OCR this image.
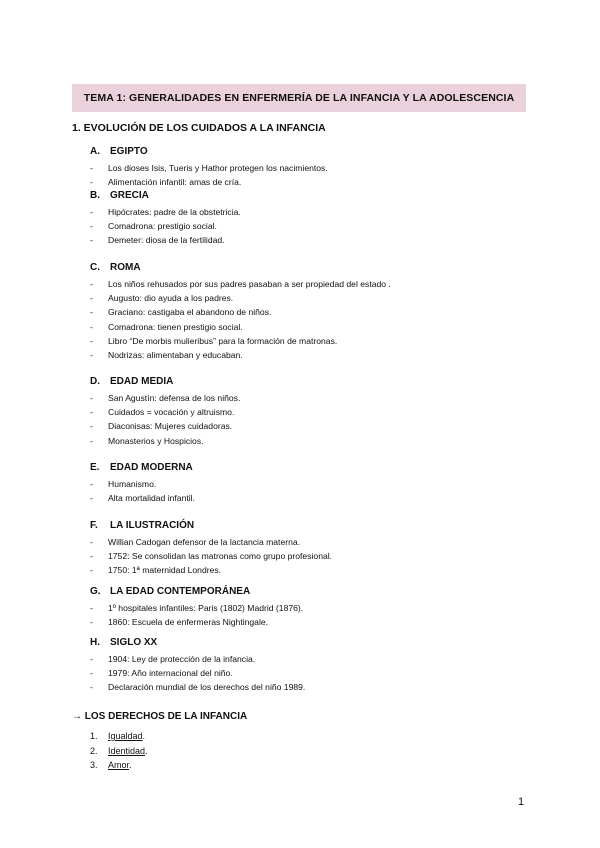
TEMA 1: GENERALIDADES EN ENFERMERÍA DE LA INFANCIA Y LA ADOLESCENCIA
1. EVOLUCIÓN DE LOS CUIDADOS A LA INFANCIA
A. EGIPTO
- Los dioses Isis, Tueris y Hathor protegen los nacimientos.
- Alimentación infantil: amas de cría.
B. GRECIA
- Hipócrates: padre de la obstetricia.
- Comadrona: prestigio social.
- Demeter: diosa de la fertilidad.
C. ROMA
- Los niños rehusados por sus padres pasaban a ser propiedad del estado .
- Augusto: dio ayuda a los padres.
- Graciano: castigaba el abandono de niños.
- Comadrona: tienen prestigio social.
- Libro “De morbis mulieribus” para la formación de matronas.
- Nodrizas: alimentaban y educaban.
D. EDAD MEDIA
- San Agustín: defensa de los niños.
- Cuidados = vocación y altruismo.
- Diaconisas: Mujeres cuidadoras.
- Monasterios y Hospicios.
E. EDAD MODERNA
- Humanismo.
- Alta mortalidad infantil.
F. LA ILUSTRACIÓN
- Willian Cadogan defensor de la lactancia materna.
- 1752: Se consolidan las matronas como grupo profesional.
- 1750: 1ª maternidad Londres.
G. LA EDAD CONTEMPORÁNEA
- 1º hospitales infantiles: Paris (1802) Madrid (1876).
- 1860: Escuela de enfermeras Nightingale.
H. SIGLO XX
- 1904: Ley de protección de la infancia.
- 1979: Año internacional del niño.
- Declaración mundial de los derechos del niño 1989.
→ LOS DERECHOS DE LA INFANCIA
1. Igualdad.
2. Identidad.
3. Amor.
1
